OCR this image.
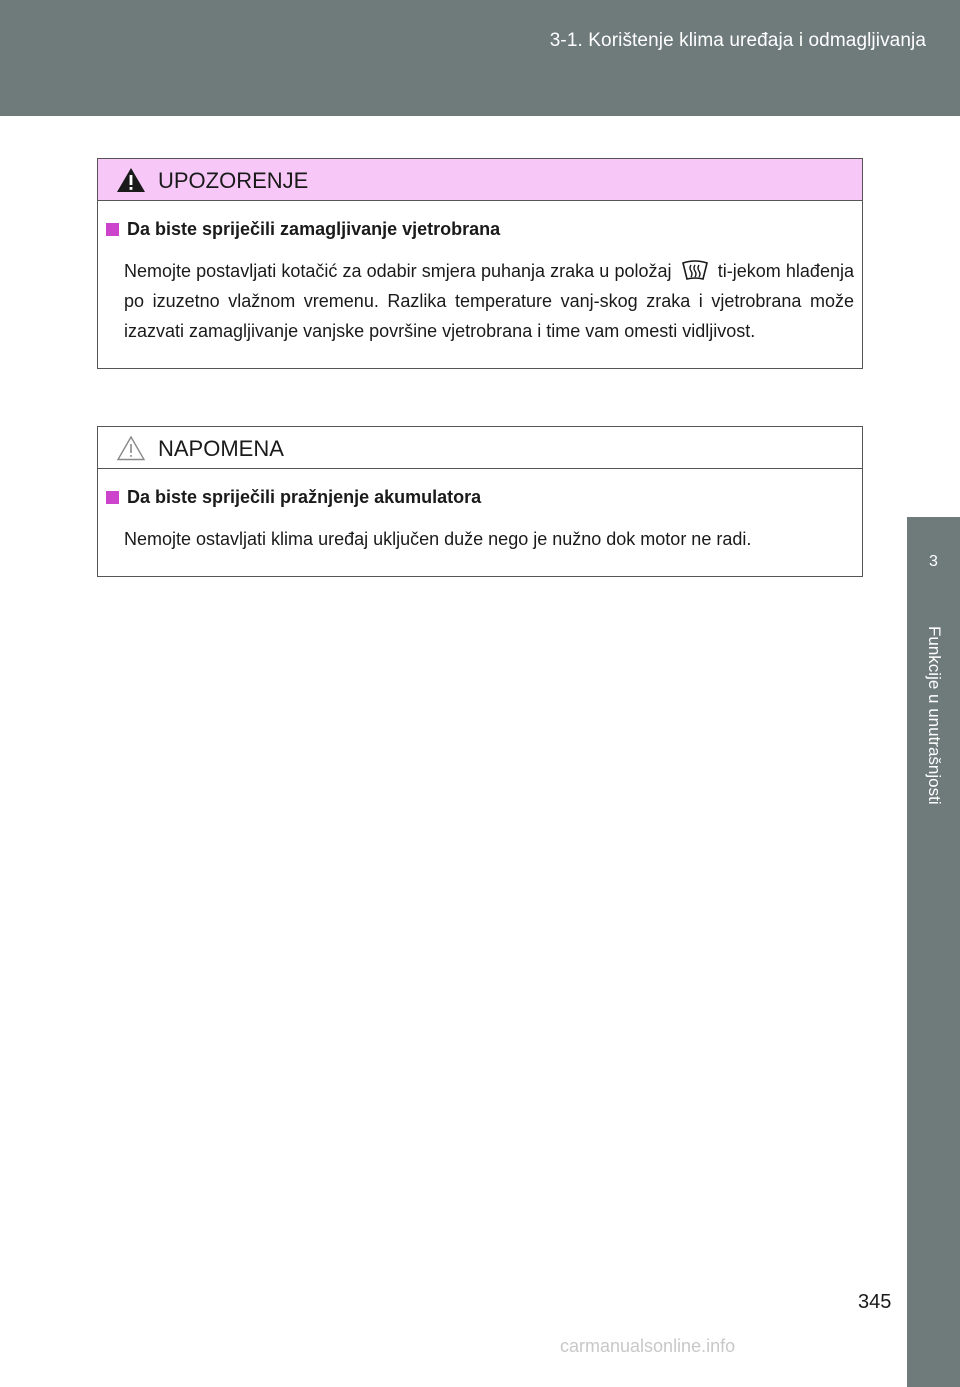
3-1. Korištenje klima uređaja i odmagljivanja
3
Funkcije u unutrašnjosti
UPOZORENJE
Da biste spriječili zamagljivanje vjetrobrana
Nemojte postavljati kotačić za odabir smjera puhanja zraka u položaj	ti-jekom hlađenja po izuzetno vlažnom vremenu. Razlika temperature vanj-skog zraka i vjetrobrana može izazvati zamagljivanje vanjske površine vjetrobrana i time vam omesti vidljivost.
NAPOMENA
Da biste spriječili pražnjenje akumulatora
Nemojte ostavljati klima uređaj uključen duže nego je nužno dok motor ne radi.
345
carmanualsonline.info
